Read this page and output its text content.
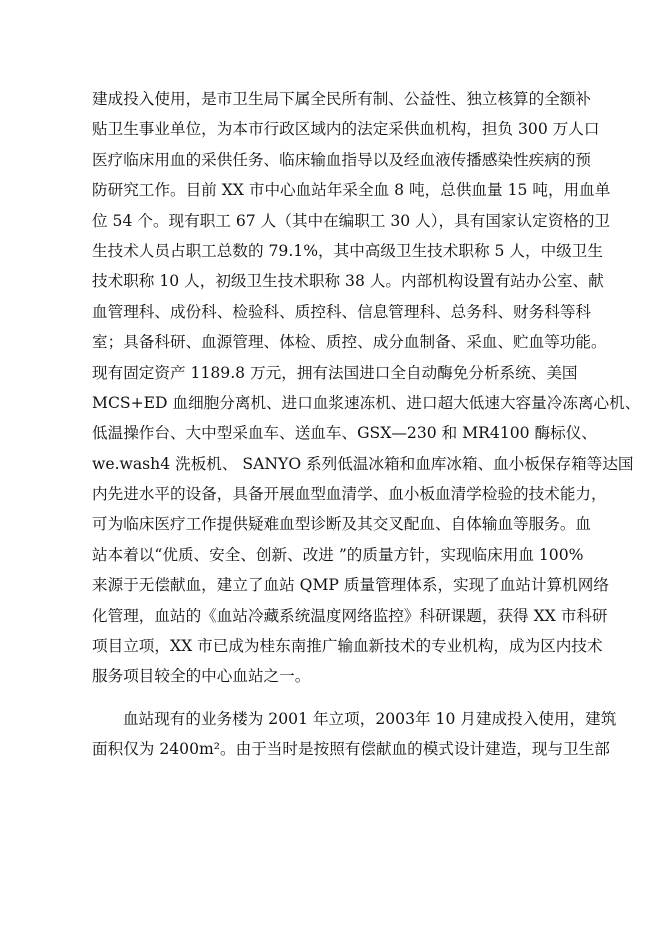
建成投入使用，是市卫生局下属全民所有制、公益性、独立核算的全额补
贴卫生事业单位，为本市行政区域内的法定采供血机构，担负 300 万人口
医疗临床用血的采供任务、临床输血指导以及经血液传播感染性疾病的预
防研究工作。目前 XX 市中心血站年采全血 8 吨，总供血量 15 吨，用血单
位 54 个。现有职工 67 人（其中在编职工 30 人），具有国家认定资格的卫
生技术人员占职工总数的 79.1%，其中高级卫生技术职称 5 人，中级卫生
技术职称 10 人，初级卫生技术职称 38 人。内部机构设置有站办公室、献
血管理科、成份科、检验科、质控科、信息管理科、总务科、财务科等科
室；具备科研、血源管理、体检、质控、成分血制备、采血、贮血等功能。
现有固定资产 1189.8 万元，拥有法国进口全自动酶免分析系统、美国
MCS+ED 血细胞分离机、进口血浆速冻机、进口超大低速大容量冷冻离心机、
低温操作台、大中型采血车、送血车、GSX—230 和 MR4100 酶标仪、
we.wash4 洗板机、 SANYO 系列低温冰箱和血库冰箱、血小板保存箱等达国
内先进水平的设备，具备开展血型血清学、血小板血清学检验的技术能力，
可为临床医疗工作提供疑难血型诊断及其交叉配血、自体输血等服务。血
站本着以“优质、安全、创新、改进 ”的质量方针，实现临床用血 100%
来源于无偿献血，建立了血站 QMP 质量管理体系，实现了血站计算机网络
化管理，血站的《血站冷藏系统温度网络监控》科研课题，获得 XX 市科研
项目立项，XX 市已成为桂东南推广输血新技术的专业机构，成为区内技术
服务项目较全的中心血站之一。
血站现有的业务楼为 2001 年立项，2003年 10 月建成投入使用，建筑
面积仅为 2400m²。由于当时是按照有偿献血的模式设计建造，现与卫生部
